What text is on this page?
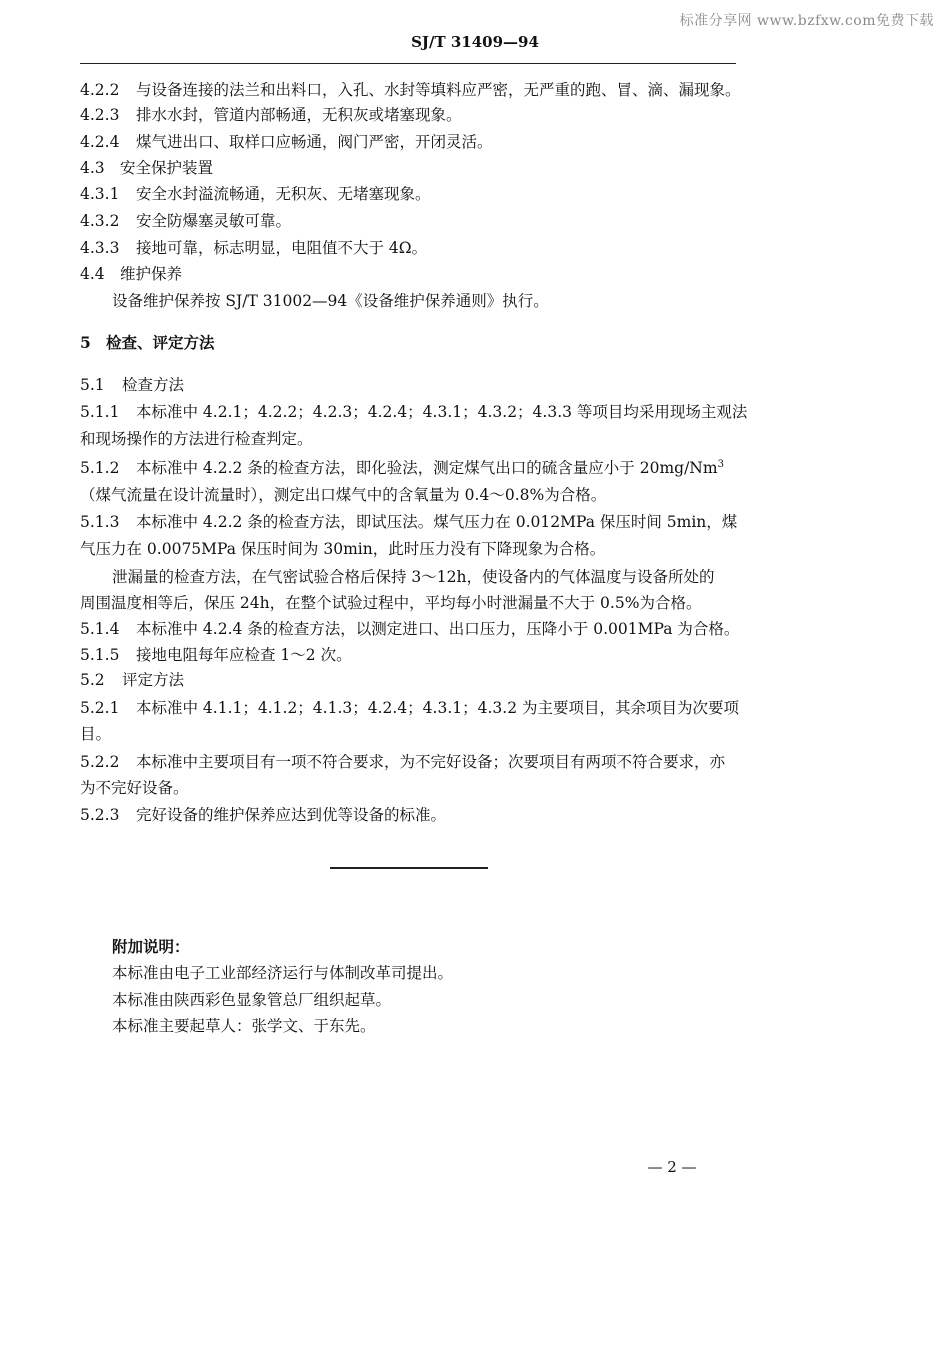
标准分享网 www.bzfxw.com免费下载
SJ/T 31409—94
4.2.2 与设备连接的法兰和出料口，入孔、水封等填料应严密，无严重的跑、冒、滴、漏现象。
4.2.3 排水水封，管道内部畅通，无积灰或堵塞现象。
4.2.4 煤气进出口、取样口应畅通，阀门严密，开闭灵活。
4.3 安全保护装置
4.3.1 安全水封溢流畅通，无积灰、无堵塞现象。
4.3.2 安全防爆塞灵敏可靠。
4.3.3 接地可靠，标志明显，电阻值不大于 4Ω。
4.4 维护保养
设备维护保养按 SJ/T 31002—94《设备维护保养通则》执行。
5 检查、评定方法
5.1 检查方法
5.1.1 本标准中 4.2.1；4.2.2；4.2.3；4.2.4；4.3.1；4.3.2；4.3.3 等项目均采用现场主观法
和现场操作的方法进行检查判定。
5.1.2 本标准中 4.2.2 条的检查方法，即化验法，测定煤气出口的硫含量应小于 20mg/Nm$^3$
（煤气流量在设计流量时），测定出口煤气中的含氧量为 0.4～0.8%为合格。
5.1.3 本标准中 4.2.2 条的检查方法，即试压法。煤气压力在 0.012MPa 保压时间 5min，煤
气压力在 0.0075MPa 保压时间为 30min，此时压力没有下降现象为合格。
泄漏量的检查方法，在气密试验合格后保持 3～12h，使设备内的气体温度与设备所处的
周围温度相等后，保压 24h，在整个试验过程中，平均每小时泄漏量不大于 0.5%为合格。
5.1.4 本标准中 4.2.4 条的检查方法，以测定进口、出口压力，压降小于 0.001MPa 为合格。
5.1.5 接地电阻每年应检查 1～2 次。
5.2 评定方法
5.2.1 本标准中 4.1.1；4.1.2；4.1.3；4.2.4；4.3.1；4.3.2 为主要项目，其余项目为次要项
目。
5.2.2 本标准中主要项目有一项不符合要求，为不完好设备；次要项目有两项不符合要求，亦
为不完好设备。
5.2.3 完好设备的维护保养应达到优等设备的标准。
附加说明：
本标准由电子工业部经济运行与体制改革司提出。
本标准由陕西彩色显象管总厂组织起草。
本标准主要起草人：张学文、于东先。
— 2 —
